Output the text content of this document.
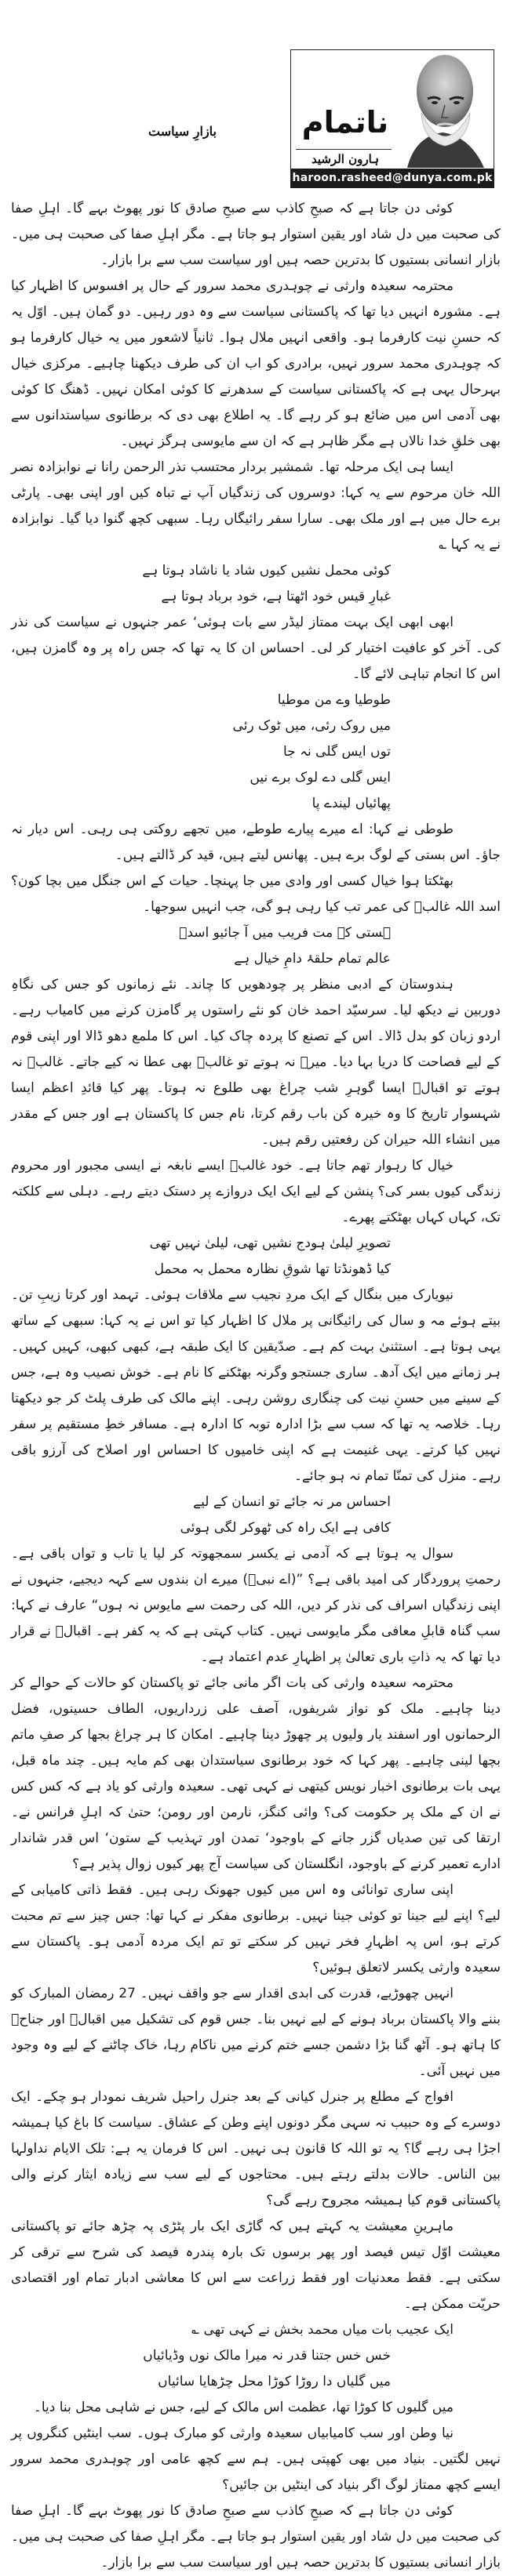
بازارِ سیاست	ناتمام
ہارون الرشید
haroon.rasheed@dunya.com.pk

کوئی دن جاتا ہے کہ صبحِ کاذب سے صبحِ صادق کا نور پھوٹ بہے گا۔ اہلِ صفا کی صحبت میں دل شاد اور یقین استوار ہو جاتا ہے۔ مگر اہلِ صفا کی صحبت ہی میں۔ بازار انسانی بستیوں کا بدترین حصہ ہیں اور سیاست سب سے برا بازار۔

محترمہ سعیدہ وارثی نے چوہدری محمد سرور کے حال پر افسوس کا اظہار کیا ہے۔ مشورہ انہیں دیا تھا کہ پاکستانی سیاست سے وہ دور رہیں۔ دو گمان ہیں۔ اوّل یہ کہ حسنِ نیت کارفرما ہو۔ واقعی انہیں ملال ہوا۔ ثانیاً لاشعور میں یہ خیال کارفرما ہو کہ چوہدری محمد سرور نہیں، برادری کو اب ان کی طرف دیکھنا چاہیے۔ مرکزی خیال بہرحال یہی ہے کہ پاکستانی سیاست کے سدھرنے کا کوئی امکان نہیں۔ ڈھنگ کا کوئی بھی آدمی اس میں ضائع ہو کر رہے گا۔ یہ اطلاع بھی دی کہ برطانوی سیاستدانوں سے بھی خلقِ خدا نالاں ہے مگر ظاہر ہے کہ ان سے مایوسی ہرگز نہیں۔

ایسا ہی ایک مرحلہ تھا۔ شمشیر بردار محتسب نذر الرحمن رانا نے نوابزادہ نصر اللہ خان مرحوم سے یہ کہا: دوسروں کی زندگیاں آپ نے تباہ کیں اور اپنی بھی۔ پارٹی برے حال میں ہے اور ملک بھی۔ سارا سفر رائیگاں رہا۔ سبھی کچھ گنوا دیا گیا۔ نوابزادہ نے یہ کہا ؎

کوئی محمل نشیں کیوں شاد یا ناشاد ہوتا ہے

غبارِ قیس خود اٹھتا ہے، خود برباد ہوتا ہے

ابھی ابھی ایک بہت ممتاز لیڈر سے بات ہوئی‘ عمر جنہوں نے سیاست کی نذر کی۔ آخر کو عافیت اختیار کر لی۔ احساس ان کا یہ تھا کہ جس راہ پر وہ گامزن ہیں، اس کا انجام تباہی لائے گا۔

طوطیا وے من موطیا

میں روک رئی، میں ٹوک رئی

توں ایس گلی نہ جا

ایس گلی دے لوک برے نیں

پھائیاں لیندے پا

طوطی نے کہا: اے میرے پیارے طوطے، میں تجھے روکتی ہی رہی۔ اس دیار نہ جاؤ۔ اس بستی کے لوگ برے ہیں۔ پھانس لیتے ہیں، قید کر ڈالتے ہیں۔

بھٹکتا ہوا خیال کسی اور وادی میں جا پہنچا۔ حیات کے اس جنگل میں بچا کون؟ اسد اللہ غالبؔ کی عمر تب کیا رہی ہو گی، جب انہیں سوجھا۔

ہستی کے مت فریب میں آ جائیو اسدؔ

عالم تمام حلقۂ دامِ خیال ہے

ہندوستان کے ادبی منظر پر چودھویں کا چاند۔ نئے زمانوں کو جس کی نگاہِ دوربین نے دیکھ لیا۔ سرسیّد احمد خان کو نئے راستوں پر گامزن کرنے میں کامیاب رہے۔ اردو زبان کو بدل ڈالا۔ اس کے تصنع کا پردہ چاک کیا۔ اس کا ملمع دھو ڈالا اور اپنی قوم کے لیے فصاحت کا دریا بہا دیا۔ میرؔ نہ ہوتے تو غالبؔ بھی عطا نہ کیے جاتے۔ غالبؔ نہ ہوتے تو اقبالؔ ایسا گوہرِ شب چراغ بھی طلوع نہ ہوتا۔ پھر کیا قائدِ اعظم ایسا شہسوار تاریخ کا وہ خیرہ کن باب رقم کرتا، نام جس کا پاکستان ہے اور جس کے مقدر میں انشاء اللہ حیران کن رفعتیں رقم ہیں۔

خیال کا رہوار تھم جاتا ہے۔ خود غالبؔ ایسے نابغہ نے ایسی مجبور اور محروم زندگی کیوں بسر کی؟ پنشن کے لیے ایک ایک دروازے پر دستک دیتے رہے۔ دہلی سے کلکتہ تک، کہاں کہاں بھٹکتے پھرے۔

تصویرِ لیلیٰ ہودج نشیں تھی، لیلیٰ نہیں تھی

کیا ڈھونڈتا تھا شوقِ نظارہ محمل بہ محمل

نیویارک میں بنگال کے ایک مردِ نجیب سے ملاقات ہوئی۔ تہمد اور کرتا زیبِ تن۔ بیتے ہوئے مہ و سال کی رائیگانی پر ملال کا اظہار کیا تو اس نے یہ کہا: سبھی کے ساتھ یہی ہوتا ہے۔ استثنیٰ بہت کم ہے۔ صدّیقین کا ایک طبقہ ہے، کبھی کبھی، کہیں کہیں۔ ہر زمانے میں ایک آدھ۔ ساری جستجو وگرنہ بھٹکنے کا نام ہے۔ خوش نصیب وہ ہے، جس کے سینے میں حسنِ نیت کی چنگاری روشن رہی۔ اپنے مالک کی طرف پلٹ کر جو دیکھتا رہا۔ خلاصہ یہ تھا کہ سب سے بڑا ادارہ توبہ کا ادارہ ہے۔ مسافر خطِ مستقیم پر سفر نہیں کیا کرتے۔ یہی غنیمت ہے کہ اپنی خامیوں کا احساس اور اصلاح کی آرزو باقی رہے۔ منزل کی تمنّا تمام نہ ہو جائے۔

احساس مر نہ جائے تو انسان کے لیے

کافی ہے ایک راہ کی ٹھوکر لگی ہوئی

سوال یہ ہوتا ہے کہ آدمی نے یکسر سمجھوتہ کر لیا یا تاب و تواں باقی ہے۔ رحمتِ پروردگار کی امید باقی ہے؟ ”(اے نبیؐ) میرے ان بندوں سے کہہ دیجیے، جنہوں نے اپنی زندگیاں اسراف کی نذر کر دیں، اللہ کی رحمت سے مایوس نہ ہوں“ عارف نے کہا: سب گناہ قابلِ معافی مگر مایوسی نہیں۔ کتاب کہتی ہے کہ یہ کفر ہے۔ اقبالؔ نے قرار دیا تھا کہ یہ ذاتِ باری تعالیٰ پر اظہارِ عدم اعتماد ہے۔

محترمہ سعیدہ وارثی کی بات اگر مانی جائے تو پاکستان کو حالات کے حوالے کر دینا چاہیے۔ ملک کو نواز شریفوں، آصف علی زرداریوں، الطاف حسینوں، فضل الرحمانوں اور اسفند یار ولیوں پر چھوڑ دینا چاہیے۔ امکان کا ہر چراغ بجھا کر صفِ ماتم بچھا لینی چاہیے۔ پھر کہا کہ خود برطانوی سیاستدان بھی کم مایہ ہیں۔ چند ماہ قبل، یہی بات برطانوی اخبار نویس کیتھی نے کہی تھی۔ سعیدہ وارثی کو یاد ہے کہ کس کس نے ان کے ملک پر حکومت کی؟ وائی کنگز، نارمن اور رومن؛ حتیٰ کہ اہلِ فرانس نے۔ ارتقا کی تین صدیاں گزر جانے کے باوجود‘ تمدن اور تہذیب کے ستون‘ اس قدر شاندار ادارے تعمیر کرنے کے باوجود، انگلستان کی سیاست آج پھر کیوں زوال پذیر ہے؟

اپنی ساری توانائی وہ اس میں کیوں جھونک رہی ہیں۔ فقط ذاتی کامیابی کے لیے؟ اپنے لیے جینا تو کوئی جینا نہیں۔ برطانوی مفکر نے کہا تھا: جس چیز سے تم محبت کرتے ہو، اس پہ اظہارِ فخر نہیں کر سکتے تو تم ایک مردہ آدمی ہو۔ پاکستان سے سعیدہ وارثی یکسر لاتعلق ہوئیں؟

انہیں چھوڑیے، قدرت کی ابدی اقدار سے جو واقف نہیں۔ 27 رمضان المبارک کو بننے والا پاکستان برباد ہونے کے لیے نہیں بنا۔ جس قوم کی تشکیل میں اقبالؔ اور جناحؒ کا ہاتھ ہو۔ آٹھ گنا بڑا دشمن جسے ختم کرنے میں ناکام رہا، خاک چاٹنے کے لیے وہ وجود میں نہیں آئی۔

افواج کے مطلع پر جنرل کیانی کے بعد جنرل راحیل شریف نمودار ہو چکے۔ ایک دوسرے کے وہ حبیب نہ سہی مگر دونوں اپنے وطن کے عشاق۔ سیاست کا باغ کیا ہمیشہ اجڑا ہی رہے گا؟ یہ تو اللہ کا قانون ہی نہیں۔ اس کا فرمان یہ ہے: تلک الایام نداولہا بین الناس۔ حالات بدلتے رہتے ہیں۔ محتاجوں کے لیے سب سے زیادہ ایثار کرنے والی پاکستانی قوم کیا ہمیشہ مجروح رہے گی؟

ماہرینِ معیشت یہ کہتے ہیں کہ گاڑی ایک بار پٹڑی پہ چڑھ جائے تو پاکستانی معیشت اوّل تیس فیصد اور پھر برسوں تک بارہ پندرہ فیصد کی شرح سے ترقی کر سکتی ہے۔ فقط معدنیات اور فقط زراعت سے اس کا معاشی ادبار تمام اور اقتصادی حریّت ممکن ہے۔

ایک عجیب بات میاں محمد بخش نے کہی تھی ؎

خس خس جتنا قدر نہ میرا مالک نوں وڈیائیاں

میں گلیاں دا روڑا کوڑا محل چڑھایا سائیاں

میں گلیوں کا کوڑا تھا، عظمت اس مالک کے لیے، جس نے شاہی محل بنا دیا۔

نیا وطن اور سب کامیابیاں سعیدہ وارثی کو مبارک ہوں۔ سب اینٹیں کنگروں پر نہیں لگتیں۔ بنیاد میں بھی کھپتی ہیں۔ ہم سے کچھ عامی اور چوہدری محمد سرور ایسے کچھ ممتاز لوگ اگر بنیاد کی اینٹیں بن جائیں؟

کوئی دن جاتا ہے کہ صبحِ کاذب سے صبحِ صادق کا نور پھوٹ بہے گا۔ اہلِ صفا کی صحبت میں دل شاد اور یقین استوار ہو جاتا ہے۔ مگر اہلِ صفا کی صحبت ہی میں۔ بازار انسانی بستیوں کا بدترین حصہ ہیں اور سیاست سب سے برا بازار۔
